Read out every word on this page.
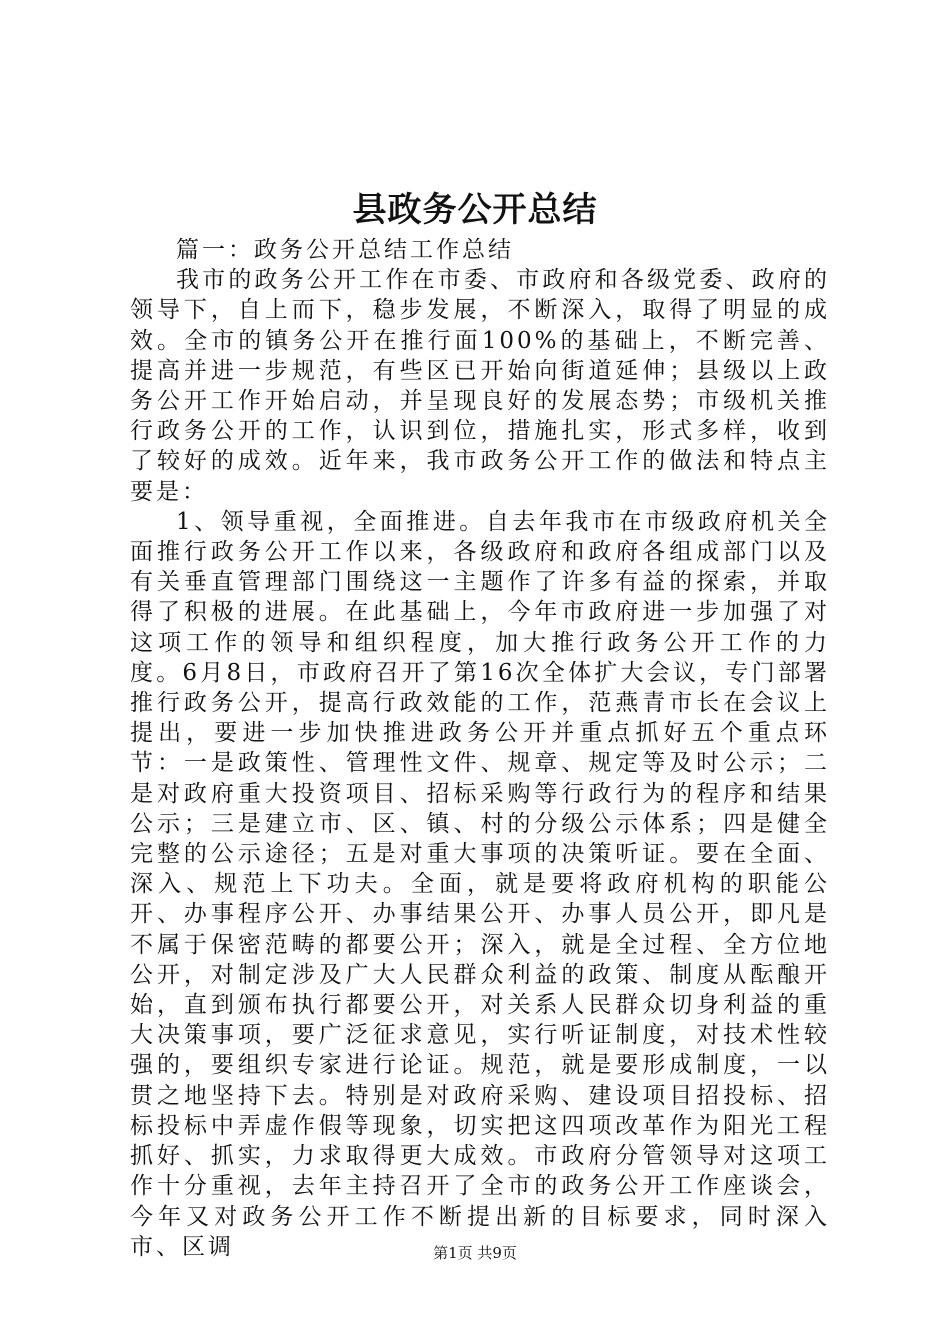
县政务公开总结

篇一：政务公开总结工作总结

我市的政务公开工作在市委、市政府和各级党委、政府的领导下，自上而下，稳步发展，不断深入，取得了明显的成效。全市的镇务公开在推行面100%的基础上，不断完善、提高并进一步规范，有些区已开始向街道延伸；县级以上政务公开工作开始启动，并呈现良好的发展态势；市级机关推行政务公开的工作，认识到位，措施扎实，形式多样，收到了较好的成效。近年来，我市政务公开工作的做法和特点主要是：

1、领导重视，全面推进。自去年我市在市级政府机关全面推行政务公开工作以来，各级政府和政府各组成部门以及有关垂直管理部门围绕这一主题作了许多有益的探索，并取得了积极的进展。在此基础上，今年市政府进一步加强了对这项工作的领导和组织程度，加大推行政务公开工作的力度。6月8日，市政府召开了第16次全体扩大会议，专门部署推行政务公开，提高行政效能的工作，范燕青市长在会议上提出，要进一步加快推进政务公开并重点抓好五个重点环节：一是政策性、管理性文件、规章、规定等及时公示；二是对政府重大投资项目、招标采购等行政行为的程序和结果公示；三是建立市、区、镇、村的分级公示体系；四是健全完整的公示途径；五是对重大事项的决策听证。要在全面、深入、规范上下功夫。全面，就是要将政府机构的职能公开、办事程序公开、办事结果公开、办事人员公开，即凡是不属于保密范畴的都要公开；深入，就是全过程、全方位地公开，对制定涉及广大人民群众利益的政策、制度从酝酿开始，直到颁布执行都要公开，对关系人民群众切身利益的重大决策事项，要广泛征求意见，实行听证制度，对技术性较强的，要组织专家进行论证。规范，就是要形成制度，一以贯之地坚持下去。特别是对政府采购、建设项目招投标、招标投标中弄虚作假等现象，切实把这四项改革作为阳光工程抓好、抓实，力求取得更大成效。市政府分管领导对这项工作十分重视，去年主持召开了全市的政务公开工作座谈会，今年又对政务公开工作不断提出新的目标要求，同时深入市、区调	第1页 共9页
